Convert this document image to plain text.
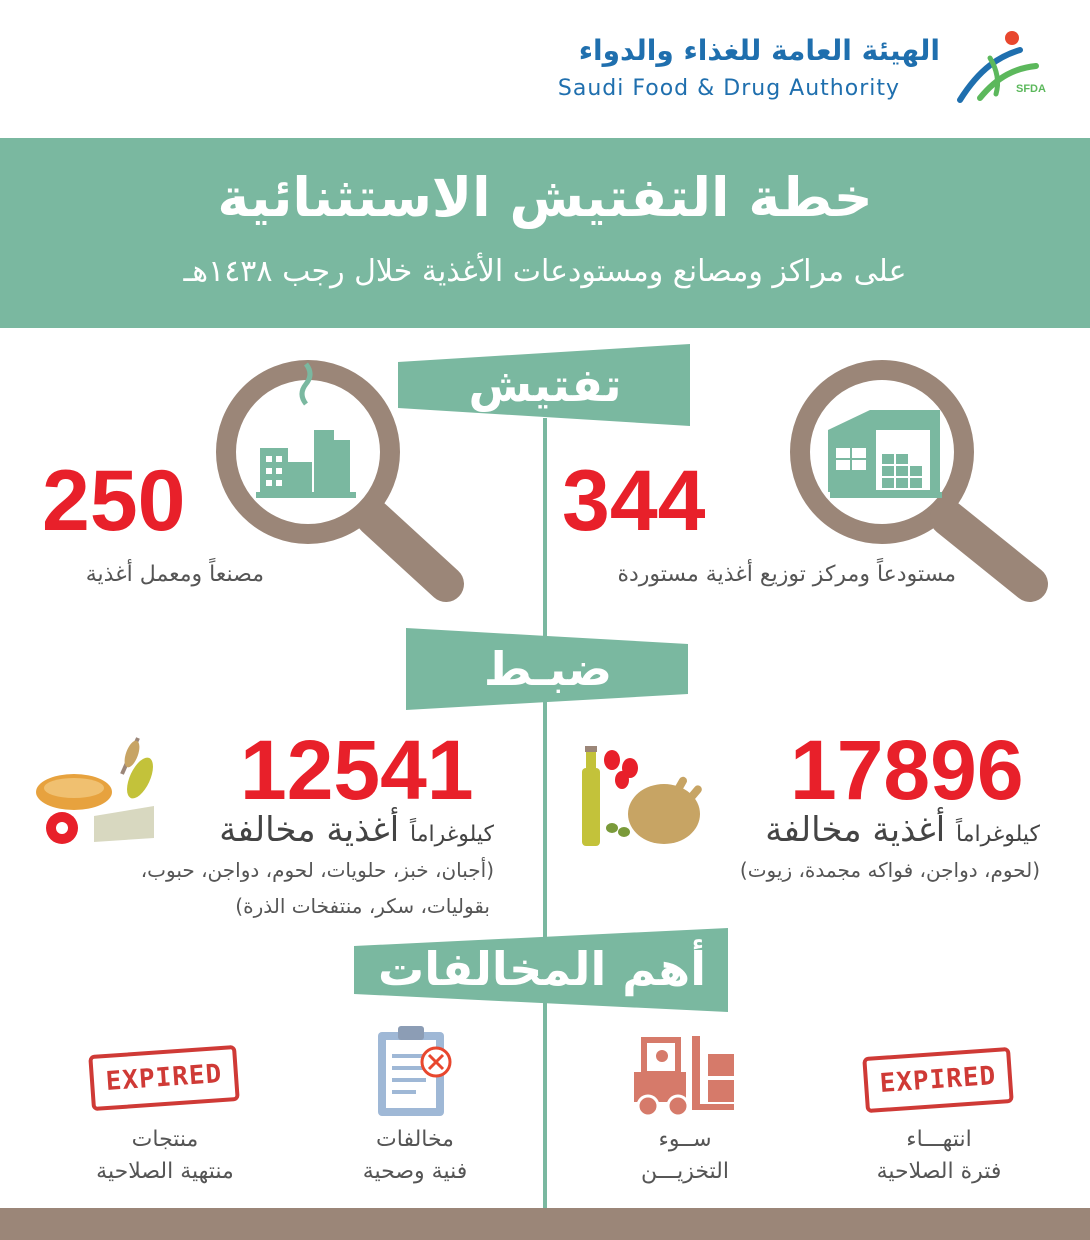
الهيئة العامة للغذاء والدواء
Saudi Food & Drug Authority	SFDA
خطة التفتيش الاستثنائية
على مراكز ومصانع ومستودعات الأغذية خلال رجب ١٤٣٨هـ
تفتيش
344
مستودعاً ومركز توزيع أغذية مستوردة
250
مصنعاً ومعمل أغذية
ضبـط
17896
كيلوغراماً أغذية مخالفة
(لحوم، دواجن، فواكه مجمدة، زيوت)
12541
كيلوغراماً أغذية مخالفة
(أجبان، خبز، حلويات، لحوم، دواجن، حبوب،
بقوليات، سكر، منتفخات الذرة)
أهم المخالفات
EXPIRED
انتهـــاء
فترة الصلاحية
ســوء
التخزيـــن
مخالفات
فنية وصحية
EXPIRED
منتجات
منتهية الصلاحية
